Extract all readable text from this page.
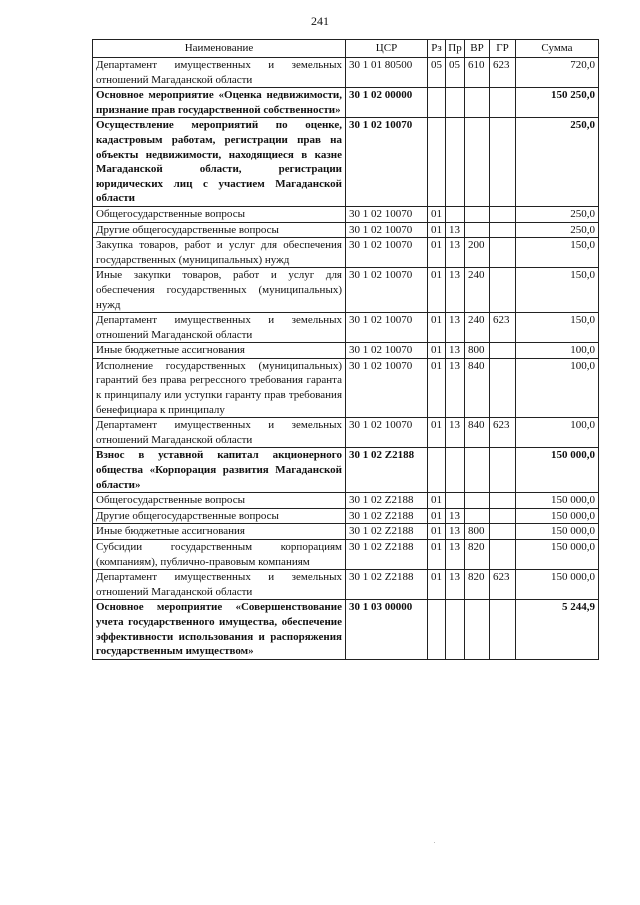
241
Наименование	ЦСР	Рз	Пр	ВР	ГР	Сумма
Департамент имущественных и земельных отношений Магаданской области	30 1 01 80500	05	05	610	623	720,0
Основное мероприятие «Оценка недвижимости, признание прав государственной собственности»	30 1 02 00000					150 250,0
Осуществление мероприятий по оценке, кадастровым работам, регистрации прав на объекты недвижимости, находящиеся в казне Магаданской области, регистрации юридических лиц с участием Магаданской области	30 1 02 10070					250,0
Общегосударственные вопросы	30 1 02 10070	01				250,0
Другие общегосударственные вопросы	30 1 02 10070	01	13			250,0
Закупка товаров, работ и услуг для обеспечения государственных (муниципальных) нужд	30 1 02 10070	01	13	200		150,0
Иные закупки товаров, работ и услуг для обеспечения государственных (муниципальных) нужд	30 1 02 10070	01	13	240		150,0
Департамент имущественных и земельных отношений Магаданской области	30 1 02 10070	01	13	240	623	150,0
Иные бюджетные ассигнования	30 1 02 10070	01	13	800		100,0
Исполнение государственных (муниципальных) гарантий без права регрессного требования гаранта к принципалу или уступки гаранту прав требования бенефициара к принципалу	30 1 02 10070	01	13	840		100,0
Департамент имущественных и земельных отношений Магаданской области	30 1 02 10070	01	13	840	623	100,0
Взнос в уставной капитал акционерного общества «Корпорация развития Магаданской области»	30 1 02 Z2188					150 000,0
Общегосударственные вопросы	30 1 02 Z2188	01				150 000,0
Другие общегосударственные вопросы	30 1 02 Z2188	01	13			150 000,0
Иные бюджетные ассигнования	30 1 02 Z2188	01	13	800		150 000,0
Субсидии государственным корпорациям (компаниям), публично-правовым компаниям	30 1 02 Z2188	01	13	820		150 000,0
Департамент имущественных и земельных отношений Магаданской области	30 1 02 Z2188	01	13	820	623	150 000,0
Основное мероприятие «Совершенствование учета государственного имущества, обеспечение эффективности использования и распоряжения государственным имуществом»	30 1 03 00000					5 244,9
